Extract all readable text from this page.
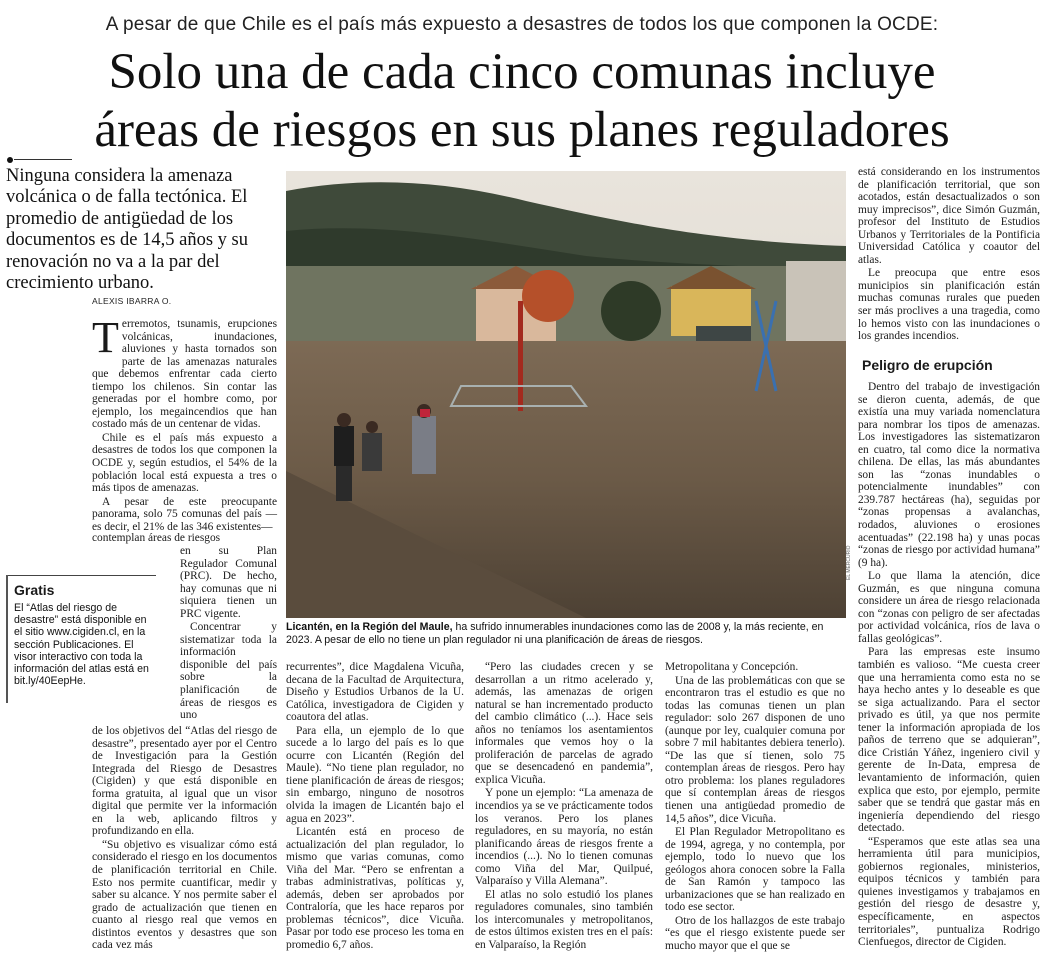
A pesar de que Chile es el país más expuesto a desastres de todos los que componen la OCDE:
Solo una de cada cinco comunas incluye
áreas de riesgos en sus planes reguladores
Ninguna considera la amenaza volcánica o de falla tectónica. El promedio de antigüedad de los documentos es de 14,5 años y su renovación no va a la par del crecimiento urbano.
ALEXIS IBARRA O.

Terremotos, tsunamis, erupciones volcánicas, inundaciones, aluviones y hasta tornados son parte de las amenazas naturales que debemos enfrentar cada cierto tiempo los chilenos. Sin contar las generadas por el hombre como, por ejemplo, los megaincendios que han costado más de un centenar de vidas.

Chile es el país más expuesto a desastres de todos los que componen la OCDE y, según estudios, el 54% de la población local está expuesta a tres o más tipos de amenazas.

A pesar de este preocupante panorama, solo 75 comunas del país —es decir, el 21% de las 346 existentes—

contemplan áreas de riesgos

en su Plan Regulador Comunal (PRC). De hecho, hay comunas que ni siquiera tienen un PRC vigente.

Concentrar y sistematizar toda la información disponible del país sobre la planificación de áreas de riesgos es uno

de los objetivos del “Atlas del riesgo de desastre”, presentado ayer por el Centro de Investigación para la Gestión Integrada del Riesgo de Desastres (Cigiden) y que está disponible en forma gratuita, al igual que un visor digital que permite ver la información en la web, aplicando filtros y profundizando en ella.

“Su objetivo es visualizar cómo está considerado el riesgo en los documentos de planificación territorial en Chile. Esto nos permite cuantificar, medir y saber su alcance. Y nos permite saber el grado de actualización que tienen en cuanto al riesgo real que vemos en distintos eventos y desastres que son cada vez más

Gratis
El “Atlas del riesgo de desastre” está disponible en el sitio www.cigiden.cl, en la sección Publicaciones. El visor interactivo con toda la información del atlas está en bit.ly/40EepHe.
EL MERCURIO
Licantén, en la Región del Maule, ha sufrido innumerables inundaciones como las de 2008 y, la más reciente, en 2023. A pesar de ello no tiene un plan regulador ni una planificación de áreas de riesgos.

recurrentes”, dice Magdalena Vicuña, decana de la Facultad de Arquitectura, Diseño y Estudios Urbanos de la U. Católica, investigadora de Cigiden y coautora del atlas.

Para ella, un ejemplo de lo que sucede a lo largo del país es lo que ocurre con Licantén (Región del Maule). “No tiene plan regulador, no tiene planificación de áreas de riesgos; sin embargo, ninguno de nosotros olvida la imagen de Licantén bajo el agua en 2023”.

Licantén está en proceso de actualización del plan regulador, lo mismo que varias comunas, como Viña del Mar. “Pero se enfrentan a trabas administrativas, políticas y, además, deben ser aprobados por Contraloría, que les hace reparos por problemas técnicos”, dice Vicuña. Pasar por todo ese proceso les toma en promedio 6,7 años.

“Pero las ciudades crecen y se desarrollan a un ritmo acelerado y, además, las amenazas de origen natural se han incrementado producto del cambio climático (...). Hace seis años no teníamos los asentamientos informales que vemos hoy o la proliferación de parcelas de agrado que se desencadenó en pandemia”, explica Vicuña.

Y pone un ejemplo: “La amenaza de incendios ya se ve prácticamente todos los veranos. Pero los planes reguladores, en su mayoría, no están planificando áreas de riesgos frente a incendios (...). No lo tienen comunas como Viña del Mar, Quilpué, Valparaíso y Villa Alemana”.

El atlas no solo estudió los planes reguladores comunales, sino también los intercomunales y metropolitanos, de estos últimos existen tres en el país: en Valparaíso, la Región

Metropolitana y Concepción.

Una de las problemáticas con que se encontraron tras el estudio es que no todas las comunas tienen un plan regulador: solo 267 disponen de uno (aunque por ley, cualquier comuna por sobre 7 mil habitantes debiera tenerlo). “De las que sí tienen, solo 75 contemplan áreas de riesgos. Pero hay otro problema: los planes reguladores que sí contemplan áreas de riesgos tienen una antigüedad promedio de 14,5 años”, dice Vicuña.

El Plan Regulador Metropolitano es de 1994, agrega, y no contempla, por ejemplo, todo lo nuevo que los geólogos ahora conocen sobre la Falla de San Ramón y tampoco las urbanizaciones que se han realizado en todo ese sector.

Otro de los hallazgos de este trabajo “es que el riesgo existente puede ser mucho mayor que el que se

está considerando en los instrumentos de planificación territorial, que son acotados, están desactualizados o son muy imprecisos”, dice Simón Guzmán, profesor del Instituto de Estudios Urbanos y Territoriales de la Pontificia Universidad Católica y coautor del atlas.

Le preocupa que entre esos municipios sin planificación están muchas comunas rurales que pueden ser más proclives a una tragedia, como lo hemos visto con las inundaciones o los grandes incendios.

Peligro de erupción

Dentro del trabajo de investigación se dieron cuenta, además, de que existía una muy variada nomenclatura para nombrar los tipos de amenazas. Los investigadores las sistematizaron en cuatro, tal como dice la normativa chilena. De ellas, las más abundantes son las “zonas inundables o potencialmente inundables” con 239.787 hectáreas (ha), seguidas por “zonas propensas a avalanchas, rodados, aluviones o erosiones acentuadas” (22.198 ha) y unas pocas “zonas de riesgo por actividad humana” (9 ha).

Lo que llama la atención, dice Guzmán, es que ninguna comuna considere un área de riesgo relacionada con “zonas con peligro de ser afectadas por actividad volcánica, ríos de lava o fallas geológicas”.

Para las empresas este insumo también es valioso. “Me cuesta creer que una herramienta como esta no se haya hecho antes y lo deseable es que se siga actualizando. Para el sector privado es útil, ya que nos permite tener la información apropiada de los paños de terreno que se adquieran”, dice Cristián Yáñez, ingeniero civil y gerente de In-Data, empresa de levantamiento de información, quien explica que esto, por ejemplo, permite saber que se tendrá que gastar más en ingeniería dependiendo del riesgo detectado.

“Esperamos que este atlas sea una herramienta útil para municipios, gobiernos regionales, ministerios, equipos técnicos y también para quienes investigamos y trabajamos en gestión del riesgo de desastre y, específicamente, en aspectos territoriales”, puntualiza Rodrigo Cienfuegos, director de Cigiden.
